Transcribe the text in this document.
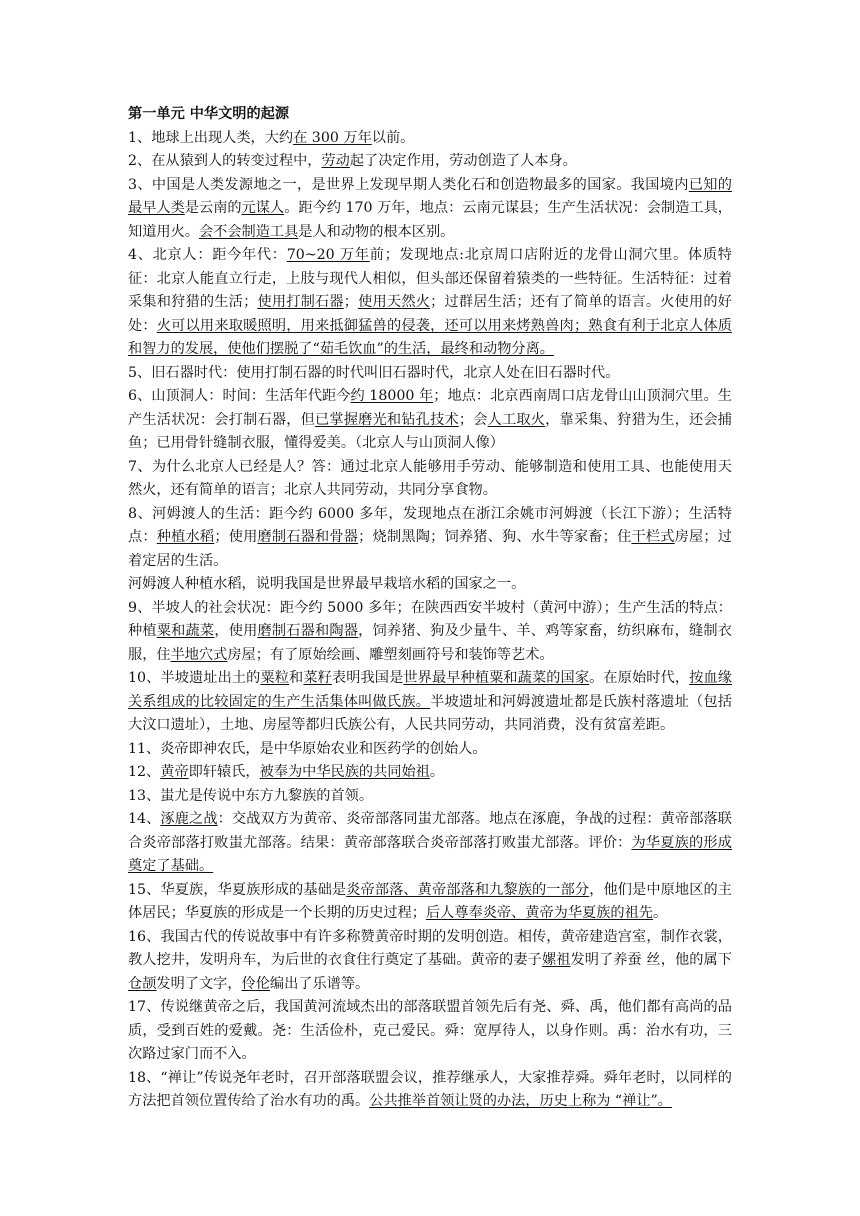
第一单元 中华文明的起源

1、地球上出现人类，大约在 300 万年以前。

2、在从猿到人的转变过程中，劳动起了决定作用，劳动创造了人本身。

3、中国是人类发源地之一，是世界上发现早期人类化石和创造物最多的国家。我国境内已知的最早人类是云南的元谋人。距今约 170 万年，地点：云南元谋县；生产生活状况：会制造工具，知道用火。会不会制造工具是人和动物的根本区别。

4、北京人：距今年代：70~20 万年前；发现地点:北京周口店附近的龙骨山洞穴里。体质特征：北京人能直立行走，上肢与现代人相似，但头部还保留着猿类的一些特征。生活特征：过着采集和狩猎的生活；使用打制石器；使用天然火；过群居生活；还有了简单的语言。火使用的好处：火可以用来取暖照明，用来抵御猛兽的侵袭，还可以用来烤熟兽肉；熟食有利于北京人体质和智力的发展，使他们摆脱了“茹毛饮血”的生活，最终和动物分离。

5、旧石器时代：使用打制石器的时代叫旧石器时代，北京人处在旧石器时代。

6、山顶洞人：时间：生活年代距今约 18000 年；地点：北京西南周口店龙骨山山顶洞穴里。生产生活状况：会打制石器，但已掌握磨光和钻孔技术；会人工取火，靠采集、狩猎为生，还会捕鱼；已用骨针缝制衣服，懂得爱美。（北京人与山顶洞人像）

7、为什么北京人已经是人？答：通过北京人能够用手劳动、能够制造和使用工具、也能使用天然火，还有简单的语言；北京人共同劳动，共同分享食物。

8、河姆渡人的生活：距今约 6000 多年，发现地点在浙江余姚市河姆渡（长江下游）；生活特点：种植水稻；使用磨制石器和骨器；烧制黑陶；饲养猪、狗、水牛等家畜；住干栏式房屋；过着定居的生活。

河姆渡人种植水稻，说明我国是世界最早栽培水稻的国家之一。

9、半坡人的社会状况：距今约 5000 多年；在陕西西安半坡村（黄河中游）；生产生活的特点：种植粟和蔬菜，使用磨制石器和陶器，饲养猪、狗及少量牛、羊、鸡等家畜，纺织麻布，缝制衣服，住半地穴式房屋；有了原始绘画、雕塑刻画符号和装饰等艺术。

10、半坡遗址出土的粟粒和菜籽表明我国是世界最早种植粟和蔬菜的国家。在原始时代，按血缘关系组成的比较固定的生产生活集体叫做氏族。半坡遗址和河姆渡遗址都是氏族村落遗址（包括大汶口遗址），土地、房屋等都归氏族公有，人民共同劳动，共同消费，没有贫富差距。

11、炎帝即神农氏，是中华原始农业和医药学的创始人。

12、黄帝即轩辕氏，被奉为中华民族的共同始祖。

13、蚩尤是传说中东方九黎族的首领。

14、涿鹿之战：交战双方为黄帝、炎帝部落同蚩尤部落。地点在涿鹿，争战的过程：黄帝部落联合炎帝部落打败蚩尤部落。结果：黄帝部落联合炎帝部落打败蚩尤部落。评价：为华夏族的形成奠定了基础。

15、华夏族，华夏族形成的基础是炎帝部落、黄帝部落和九黎族的一部分，他们是中原地区的主体居民；华夏族的形成是一个长期的历史过程；后人尊奉炎帝、黄帝为华夏族的祖先。

16、我国古代的传说故事中有许多称赞黄帝时期的发明创造。相传，黄帝建造宫室，制作衣裳，教人挖井，发明舟车，为后世的衣食住行奠定了基础。黄帝的妻子嫘祖发明了养蚕 丝，他的属下仓颉发明了文字，伶伦编出了乐谱等。

17、传说继黄帝之后，我国黄河流域杰出的部落联盟首领先后有尧、舜、禹，他们都有高尚的品质，受到百姓的爱戴。尧：生活俭朴，克己爱民。舜：宽厚待人，以身作则。禹：治水有功，三次路过家门而不入。

18、“禅让”传说尧年老时，召开部落联盟会议，推荐继承人，大家推荐舜。舜年老时，以同样的方法把首领位置传给了治水有功的禹。公共推举首领让贤的办法，历史上称为 “禅让”。
